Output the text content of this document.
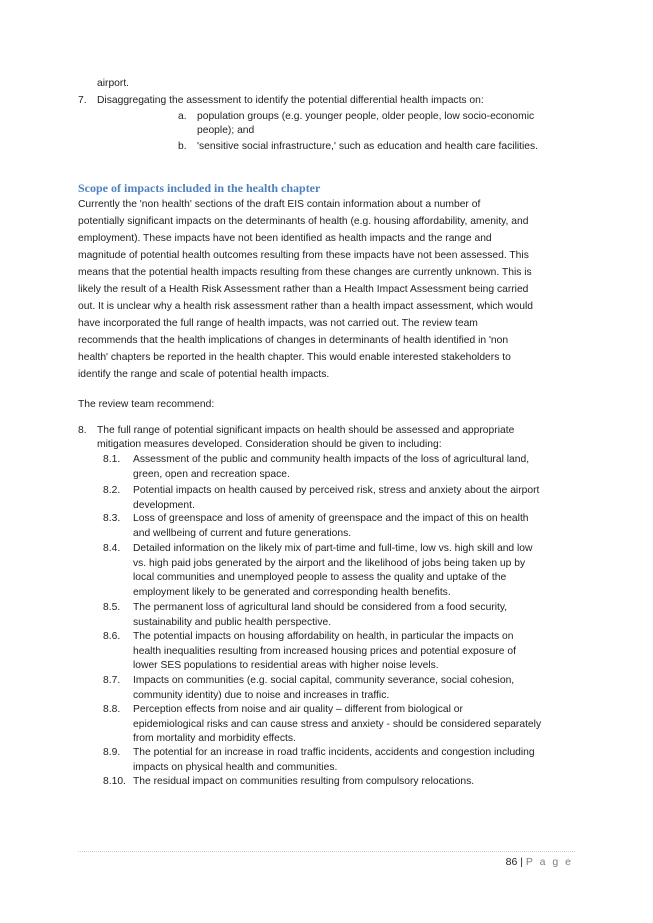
airport.
7. Disaggregating the assessment to identify the potential differential health impacts on:
a. population groups (e.g. younger people, older people, low socio-economic
people); and
b. 'sensitive social infrastructure,' such as education and health care facilities.
Scope of impacts included in the health chapter
Currently the 'non health' sections of the draft EIS contain information about a number of
potentially significant impacts on the determinants of health (e.g. housing affordability, amenity, and
employment). These impacts have not been identified as health impacts and the range and
magnitude of potential health outcomes resulting from these impacts have not been assessed. This
means that the potential health impacts resulting from these changes are currently unknown. This is
likely the result of a Health Risk Assessment rather than a Health Impact Assessment being carried
out. It is unclear why a health risk assessment rather than a health impact assessment, which would
have incorporated the full range of health impacts, was not carried out. The review team
recommends that the health implications of changes in determinants of health identified in 'non
health' chapters be reported in the health chapter. This would enable interested stakeholders to
identify the range and scale of potential health impacts.
The review team recommend:
8. The full range of potential significant impacts on health should be assessed and appropriate
mitigation measures developed. Consideration should be given to including:
8.1. Assessment of the public and community health impacts of the loss of agricultural land,
green, open and recreation space.
8.2. Potential impacts on health caused by perceived risk, stress and anxiety about the airport
development.
8.3. Loss of greenspace and loss of amenity of greenspace and the impact of this on health
and wellbeing of current and future generations.
8.4. Detailed information on the likely mix of part-time and full-time, low vs. high skill and low
vs. high paid jobs generated by the airport and the likelihood of jobs being taken up by
local communities and unemployed people to assess the quality and uptake of the
employment likely to be generated and corresponding health benefits.
8.5. The permanent loss of agricultural land should be considered from a food security,
sustainability and public health perspective.
8.6. The potential impacts on housing affordability on health, in particular the impacts on
health inequalities resulting from increased housing prices and potential exposure of
lower SES populations to residential areas with higher noise levels.
8.7. Impacts on communities (e.g. social capital, community severance, social cohesion,
community identity) due to noise and increases in traffic.
8.8. Perception effects from noise and air quality – different from biological or
epidemiological risks and can cause stress and anxiety - should be considered separately
from mortality and morbidity effects.
8.9. The potential for an increase in road traffic incidents, accidents and congestion including
impacts on physical health and communities.
8.10. The residual impact on communities resulting from compulsory relocations.
86 | P a g e
